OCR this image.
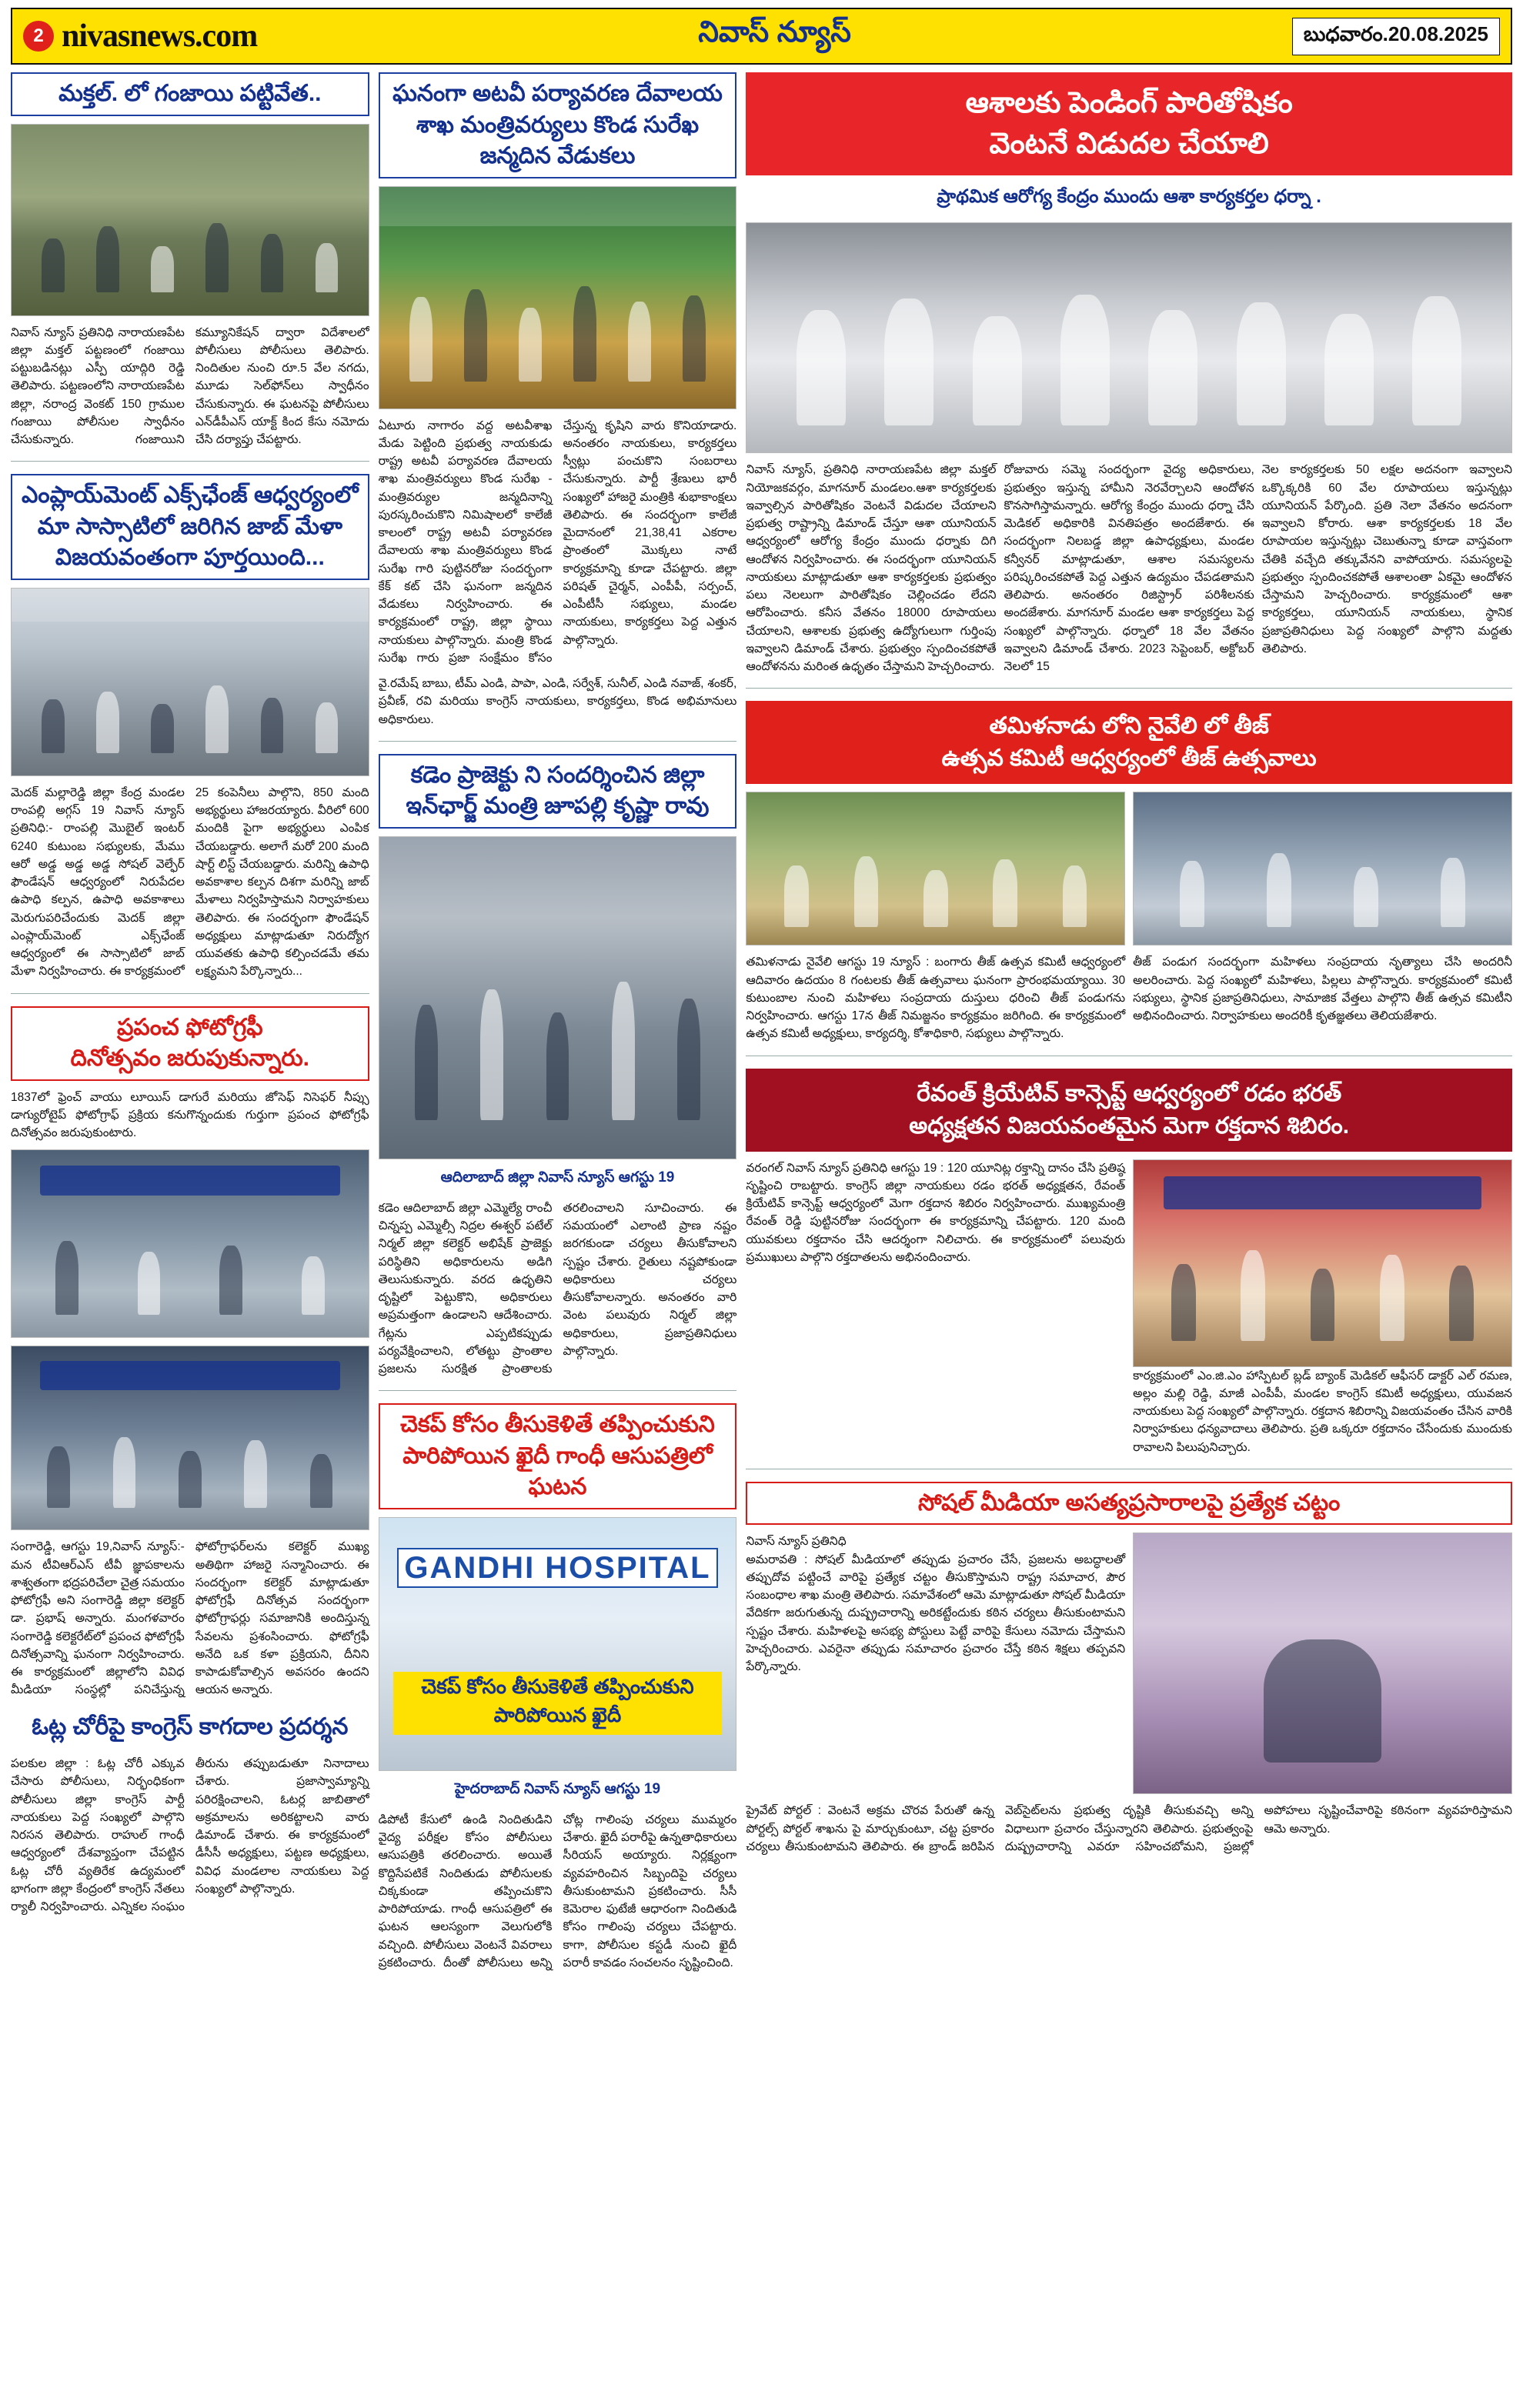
2 nivasnews.com	నివాస్ న్యూస్	బుధవారం.20.08.2025
మక్తల్. లో గంజాయి పట్టివేత..
నివాస్ న్యూస్ ప్రతినిధి నారాయణపేట జిల్లా మక్తల్ పట్టణంలో గంజాయి పట్టుబడినట్లు ఎస్పీ యాద్గిరి రెడ్డి తెలిపారు. పట్టణంలోని నారాయణపేట జిల్లా, నరాంద్ర వెంకట్ 150 గ్రాముల గంజాయి పోలీసుల స్వాధీనం చేసుకున్నారు. గంజాయిని కమ్యూనికేషన్ ద్వారా విదేశాలలో పోలీసులు పోలీసులు తెలిపారు. నిందితుల నుంచి రూ.5 వేల నగదు, మూడు సెల్‌ఫోన్‌లు స్వాధీనం చేసుకున్నారు. ఈ ఘటనపై పోలీసులు ఎన్‌డీపీఎస్ యాక్ట్ కింద కేసు నమోదు చేసి దర్యాప్తు చేపట్టారు.
ఎంప్లాయ్‌మెంట్ ఎక్స్‌ఛేంజ్ ఆధ్వర్యంలో మా సాస్సాటిలో జరిగిన జాబ్ మేళా విజయవంతంగా పూర్తయింది...
మెదక్ మల్లారెడ్డి జిల్లా కేంద్ర మండల రాంపల్లి అగ్గస్ 19 నివాస్ న్యూస్ ప్రతినిధి:- రాంపల్లి మొబైల్ ఇంటర్ 6240 కుటుంబ సభ్యులకు, మేము ఆరో అడ్డ అడ్డ అడ్డ సోషల్ వెల్ఫేర్ ఫౌండేషన్ ఆధ్వర్యంలో నిరుపేదల ఉపాధి కల్పన, ఉపాధి అవకాశాలు మెరుగుపరిచేందుకు మెదక్ జిల్లా ఎంప్లాయ్‌మెంట్ ఎక్స్‌ఛేంజ్ ఆధ్వర్యంలో ఈ సాస్సాటిలో జాబ్ మేళా నిర్వహించారు. ఈ కార్యక్రమంలో 25 కంపెనీలు పాల్గొని, 850 మంది అభ్యర్థులు హాజరయ్యారు. వీరిలో 600 మందికి పైగా అభ్యర్థులు ఎంపిక చేయబడ్డారు. అలాగే మరో 200 మంది షార్ట్ లిస్ట్ చేయబడ్డారు. మరిన్ని ఉపాధి అవకాశాల కల్పన దిశగా మరిన్ని జాబ్ మేళాలు నిర్వహిస్తామని నిర్వాహకులు తెలిపారు. ఈ సందర్భంగా ఫౌండేషన్ అధ్యక్షులు మాట్లాడుతూ నిరుద్యోగ యువతకు ఉపాధి కల్పించడమే తమ లక్ష్యమని పేర్కొన్నారు...
ప్రపంచ ఫోటోగ్రఫీ
దినోత్సవం జరుపుకున్నారు.
1837లో ఫ్రెంచ్ వాయు లూయిస్ డాగురే మరియు జోసెఫ్ నిసెఫర్ నీప్సు డాగ్యురోటైప్ ఫోటోగ్రాఫ్ ప్రక్రియ కనుగొన్నందుకు గుర్తుగా ప్రపంచ ఫోటోగ్రఫీ దినోత్సవం జరుపుకుంటారు.
సంగారెడ్డి, ఆగస్టు 19,నివాస్ న్యూస్:-మన టీవిఆర్‌ఎస్ టీవీ జ్ఞాపకాలను శాశ్వతంగా భద్రపరిచేలా చైత్ర సమయం ఫోటోగ్రఫీ అని సంగారెడ్డి జిల్లా కలెక్టర్ డా. ప్రభాష్ అన్నారు. మంగళవారం సంగారెడ్డి కలెక్టరేట్‌లో ప్రపంచ ఫోటోగ్రఫీ దినోత్సవాన్ని ఘనంగా నిర్వహించారు. ఈ కార్యక్రమంలో జిల్లాలోని వివిధ మీడియా సంస్థల్లో పనిచేస్తున్న ఫోటోగ్రాఫర్‌లను కలెక్టర్ ముఖ్య అతిథిగా హాజరై సన్మానించారు. ఈ సందర్భంగా కలెక్టర్ మాట్లాడుతూ ఫోటోగ్రఫీ దినోత్సవ సందర్భంగా ఫోటోగ్రాఫర్లు సమాజానికి అందిస్తున్న సేవలను ప్రశంసించారు. ఫోటోగ్రఫీ అనేది ఒక కళా ప్రక్రియని, దీనిని కాపాడుకోవాల్సిన అవసరం ఉందని ఆయన అన్నారు.
ఓట్ల చోరీపై కాంగ్రెస్ కాగదాల ప్రదర్శన
పలకుల జిల్లా : ఓట్ల చోరీ ఎక్కువ చేసారు పోలీసులు, నిర్భంధికంగా పోలీసులు జిల్లా కాంగ్రెస్ పార్టీ నాయకులు పెద్ద సంఖ్యలో పాల్గొని నిరసన తెలిపారు. రాహుల్ గాంధీ ఆధ్వర్యంలో దేశవ్యాప్తంగా చేపట్టిన ఓట్ల చోరీ వ్యతిరేక ఉద్యమంలో భాగంగా జిల్లా కేంద్రంలో కాంగ్రెస్ నేతలు ర్యాలీ నిర్వహించారు. ఎన్నికల సంఘం తీరును తప్పుబడుతూ నినాదాలు చేశారు. ప్రజాస్వామ్యాన్ని పరిరక్షించాలని, ఓటర్ల జాబితాలో అక్రమాలను అరికట్టాలని వారు డిమాండ్ చేశారు. ఈ కార్యక్రమంలో డీసీసీ అధ్యక్షులు, పట్టణ అధ్యక్షులు, వివిధ మండలాల నాయకులు పెద్ద సంఖ్యలో పాల్గొన్నారు.
ఘనంగా అటవీ పర్యావరణ దేవాలయ శాఖ మంత్రివర్యులు కొండ సురేఖ జన్మదిన వేడుకలు
ఏటూరు నాగారం వద్ద అటవీశాఖ మేడు పెట్టింది ప్రభుత్వ నాయకుడు రాష్ట్ర అటవీ పర్యావరణ దేవాలయ శాఖ మంత్రివర్యులు కొండ సురేఖ - మంత్రివర్యుల జన్మదినాన్ని పురస్కరించుకొని నిమిషాలలో కాలేజీ కాలంలో రాష్ట్ర అటవీ పర్యావరణ దేవాలయ శాఖ మంత్రివర్యులు కొండ సురేఖ గారి పుట్టినరోజు సందర్భంగా కేక్ కట్ చేసి ఘనంగా జన్మదిన వేడుకలు నిర్వహించారు. ఈ కార్యక్రమంలో రాష్ట్ర, జిల్లా స్థాయి నాయకులు పాల్గొన్నారు. మంత్రి కొండ సురేఖ గారు ప్రజా సంక్షేమం కోసం చేస్తున్న కృషిని వారు కొనియాడారు. అనంతరం నాయకులు, కార్యకర్తలు స్వీట్లు పంచుకొని సంబరాలు చేసుకున్నారు. పార్టీ శ్రేణులు భారీ సంఖ్యలో హాజరై మంత్రికి శుభాకాంక్షలు తెలిపారు. ఈ సందర్భంగా కాలేజీ మైదానంలో 21,38,41 ఎకరాల ప్రాంతంలో మొక్కలు నాటే కార్యక్రమాన్ని కూడా చేపట్టారు. జిల్లా పరిషత్ చైర్మన్, ఎంపీపీ, సర్పంచ్, ఎంపీటీసీ సభ్యులు, మండల నాయకులు, కార్యకర్తలు పెద్ద ఎత్తున పాల్గొన్నారు.
వై.రమేష్ బాబు, టీమ్ ఎండి, పాపా, ఎండి, సర్వేశ్, సునీల్, ఎండి నవాజ్, శంకర్, ప్రవీణ్, రవి మరియు కాంగ్రెస్ నాయకులు, కార్యకర్తలు, కొండ అభిమానులు అధికారులు.
కడెం ప్రాజెక్టు ని సందర్శించిన జిల్లా ఇన్‌ఛార్జ్ మంత్రి జూపల్లి కృష్ణా రావు
ఆదిలాబాద్ జిల్లా నివాస్ న్యూస్ ఆగస్టు 19
కడెం ఆదిలాబాద్ జిల్లా ఎమ్మెల్యే రాంచీ చిన్నప్ప ఎమ్మెల్సీ నిద్రల ఈశ్వర్ పటేల్ నిర్మల్ జిల్లా కలెక్టర్ అభిషేక్ ప్రాజెక్టు పరిస్థితిని అధికారులను అడిగి తెలుసుకున్నారు. వరద ఉధృతిని దృష్టిలో పెట్టుకొని, అధికారులు అప్రమత్తంగా ఉండాలని ఆదేశించారు. గేట్లను ఎప్పటికప్పుడు పర్యవేక్షించాలని, లోతట్టు ప్రాంతాల ప్రజలను సురక్షిత ప్రాంతాలకు తరలించాలని సూచించారు. ఈ సమయంలో ఎలాంటి ప్రాణ నష్టం జరగకుండా చర్యలు తీసుకోవాలని స్పష్టం చేశారు. రైతులు నష్టపోకుండా అధికారులు చర్యలు తీసుకోవాలన్నారు. అనంతరం వారి వెంట పలువురు నిర్మల్ జిల్లా అధికారులు, ప్రజాప్రతినిధులు పాల్గొన్నారు.
చెకప్ కోసం తీసుకెళితే తప్పించుకుని పారిపోయిన ఖైదీ గాంధీ ఆసుపత్రిలో ఘటన
GANDHI HOSPITAL
చెకప్ కోసం తీసుకెళితే తప్పించుకుని పారిపోయిన ఖైదీ
హైదరాబాద్ నివాస్ న్యూస్ ఆగస్టు 19
డిపోటీ కేసులో ఉండి నిందితుడిని వైద్య పరీక్షల కోసం పోలీసులు ఆసుపత్రికి తరలించారు. అయితే కొద్దిసేపటికే నిందితుడు పోలీసులకు చిక్కకుండా తప్పించుకొని పారిపోయాడు. గాంధీ ఆసుపత్రిలో ఈ ఘటన ఆలస్యంగా వెలుగులోకి వచ్చింది. పోలీసులు వెంటనే వివరాలు ప్రకటించారు. దీంతో పోలీసులు అన్ని చోట్ల గాలింపు చర్యలు ముమ్మరం చేశారు. ఖైదీ పరారీపై ఉన్నతాధికారులు సీరియస్ అయ్యారు. నిర్లక్ష్యంగా వ్యవహరించిన సిబ్బందిపై చర్యలు తీసుకుంటామని ప్రకటించారు. సీసీ కెమెరాల ఫుటేజీ ఆధారంగా నిందితుడి కోసం గాలింపు చర్యలు చేపట్టారు. కాగా, పోలీసుల కస్టడీ నుంచి ఖైదీ పరారీ కావడం సంచలనం సృష్టించింది.
ఆశాలకు పెండింగ్ పారితోషికం
వెంటనే విడుదల చేయాలి
ప్రాథమిక ఆరోగ్య కేంద్రం ముందు ఆశా కార్యకర్తల ధర్నా .
నివాస్ న్యూస్, ప్రతినిధి నారాయణపేట జిల్లా మక్తల్ నియోజకవర్గం, మాగనూర్ మండలం.ఆశా కార్యకర్తలకు ఇవ్వాల్సిన పారితోషికం వెంటనే విడుదల చేయాలని ప్రభుత్వ రాష్ట్రాన్ని డిమాండ్ చేస్తూ ఆశా యూనియన్ ఆధ్వర్యంలో ఆరోగ్య కేంద్రం ముందు ధర్నాకు దిగి ఆందోళన నిర్వహించారు. ఈ సందర్భంగా యూనియన్ నాయకులు మాట్లాడుతూ ఆశా కార్యకర్తలకు ప్రభుత్వం పలు నెలలుగా పారితోషికం చెల్లించడం లేదని ఆరోపించారు. కనీస వేతనం 18000 రూపాయలు చేయాలని, ఆశాలకు ప్రభుత్వ ఉద్యోగులుగా గుర్తింపు ఇవ్వాలని డిమాండ్ చేశారు. ప్రభుత్వం స్పందించకపోతే ఆందోళనను మరింత ఉధృతం చేస్తామని హెచ్చరించారు.
రోజువారు సమ్మె సందర్భంగా వైద్య అధికారులు, ప్రభుత్వం ఇస్తున్న హామీని నెరవేర్చాలని ఆందోళన కొనసాగిస్తామన్నారు. ఆరోగ్య కేంద్రం ముందు ధర్నా చేసి మెడికల్ అధికారికి వినతిపత్రం అందజేశారు. ఈ సందర్భంగా నిలబడ్డ జిల్లా ఉపాధ్యక్షులు, మండల కన్వీనర్ మాట్లాడుతూ, ఆశాల సమస్యలను పరిష్కరించకపోతే పెద్ద ఎత్తున ఉద్యమం చేపడతామని తెలిపారు. అనంతరం రిజిస్ట్రార్ పరిశీలనకు అందజేశారు. మాగనూర్ మండల ఆశా కార్యకర్తలు పెద్ద సంఖ్యలో పాల్గొన్నారు. ధర్నాలో 18 వేల వేతనం ఇవ్వాలని డిమాండ్ చేశారు. 2023 సెప్టెంబర్, అక్టోబర్ నెలలో 15
నెల కార్యకర్తలకు 50 లక్షల అదనంగా ఇవ్వాలని ఒక్కొక్కరికి 60 వేల రూపాయలు ఇస్తున్నట్లు యూనియన్ పేర్కొంది. ప్రతి నెలా వేతనం అదనంగా ఇవ్వాలని కోరారు. ఆశా కార్యకర్తలకు 18 వేల రూపాయల ఇస్తున్నట్లు చెబుతున్నా కూడా వాస్తవంగా చేతికి వచ్చేది తక్కువేనని వాపోయారు. సమస్యలపై ప్రభుత్వం స్పందించకపోతే ఆశాలంతా ఏకమై ఆందోళన చేస్తామని హెచ్చరించారు. కార్యక్రమంలో ఆశా కార్యకర్తలు, యూనియన్ నాయకులు, స్థానిక ప్రజాప్రతినిధులు పెద్ద సంఖ్యలో పాల్గొని మద్దతు తెలిపారు.
తమిళనాడు లోని నైవేలి లో తీజ్
ఉత్సవ కమిటీ ఆధ్వర్యంలో తీజ్ ఉత్సవాలు
తమిళనాడు నైవేలి ఆగస్టు 19 న్యూస్ : బంగారు తీజ్ ఉత్సవ కమిటీ ఆధ్వర్యంలో ఆదివారం ఉదయం 8 గంటలకు తీజ్ ఉత్సవాలు ఘనంగా ప్రారంభమయ్యాయి. 30 కుటుంబాల నుంచి మహిళలు సంప్రదాయ దుస్తులు ధరించి తీజ్ పండుగను నిర్వహించారు. ఆగస్టు 17న తీజ్ నిమజ్జనం కార్యక్రమం జరిగింది. ఈ కార్యక్రమంలో ఉత్సవ కమిటీ అధ్యక్షులు, కార్యదర్శి, కోశాధికారి, సభ్యులు పాల్గొన్నారు.
తీజ్ పండుగ సందర్భంగా మహిళలు సంప్రదాయ నృత్యాలు చేసి అందరినీ అలరించారు. పెద్ద సంఖ్యలో మహిళలు, పిల్లలు పాల్గొన్నారు. కార్యక్రమంలో కమిటీ సభ్యులు, స్థానిక ప్రజాప్రతినిధులు, సామాజిక వేత్తలు పాల్గొని తీజ్ ఉత్సవ కమిటీని అభినందించారు. నిర్వాహకులు అందరికీ కృతజ్ఞతలు తెలియజేశారు.
రేవంత్ క్రియేటివ్ కాన్సెప్ట్ ఆధ్వర్యంలో రడం భరత్
అధ్యక్షతన విజయవంతమైన మెగా రక్తదాన శిబిరం.
వరంగల్ నివాస్ న్యూస్ ప్రతినిధి ఆగస్టు 19 : 120 యూనిట్ల రక్తాన్ని దానం చేసి ప్రతిష్ఠ సృష్టించి రాబట్టారు. కాంగ్రెస్ జిల్లా నాయకులు రడం భరత్ అధ్యక్షతన, రేవంత్ క్రియేటివ్ కాన్సెప్ట్ ఆధ్వర్యంలో మెగా రక్తదాన శిబిరం నిర్వహించారు. ముఖ్యమంత్రి రేవంత్ రెడ్డి పుట్టినరోజు సందర్భంగా ఈ కార్యక్రమాన్ని చేపట్టారు. 120 మంది యువకులు రక్తదానం చేసి ఆదర్శంగా నిలిచారు. ఈ కార్యక్రమంలో పలువురు ప్రముఖులు పాల్గొని రక్తదాతలను అభినందించారు.
కార్యక్రమంలో ఎం.జి.ఎం హాస్పిటల్ బ్లడ్ బ్యాంక్ మెడికల్ ఆఫీసర్ డాక్టర్ ఎల్ రమణ, అల్లం మల్లి రెడ్డి, మాజీ ఎంపీపీ, మండల కాంగ్రెస్ కమిటీ అధ్యక్షులు, యువజన నాయకులు పెద్ద సంఖ్యలో పాల్గొన్నారు. రక్తదాన శిబిరాన్ని విజయవంతం చేసిన వారికి నిర్వాహకులు ధన్యవాదాలు తెలిపారు. ప్రతి ఒక్కరూ రక్తదానం చేసేందుకు ముందుకు రావాలని పిలుపునిచ్చారు.
సోషల్ మీడియా అసత్యప్రసారాలపై ప్రత్యేక చట్టం
నివాస్ న్యూస్ ప్రతినిధి
అమరావతి : సోషల్ మీడియాలో తప్పుడు ప్రచారం చేసే, ప్రజలను అబద్ధాలతో తప్పుదోవ పట్టించే వారిపై ప్రత్యేక చట్టం తీసుకొస్తామని రాష్ట్ర సమాచార, పౌర సంబంధాల శాఖ మంత్రి తెలిపారు. సమావేశంలో ఆమె మాట్లాడుతూ సోషల్ మీడియా వేదికగా జరుగుతున్న దుష్ప్రచారాన్ని అరికట్టేందుకు కఠిన చర్యలు తీసుకుంటామని స్పష్టం చేశారు. మహిళలపై అసభ్య పోస్టులు పెట్టే వారిపై కేసులు నమోదు చేస్తామని హెచ్చరించారు. ఎవరైనా తప్పుడు సమాచారం ప్రచారం చేస్తే కఠిన శిక్షలు తప్పవని పేర్కొన్నారు.
ప్రైవేట్ పోర్టల్ : వెంటనే అక్రమ చొరవ పేరుతో ఉన్న పోర్టల్స్ పోర్టల్ శాఖను పై మార్చుకుంటూ, చట్ట ప్రకారం చర్యలు తీసుకుంటామని తెలిపారు. ఈ బ్రాండ్ జరిపిన వెబ్‌సైట్‌లను ప్రభుత్వ దృష్టికి తీసుకువచ్చి అన్ని విధాలుగా ప్రచారం చేస్తున్నారని తెలిపారు. ప్రభుత్వంపై దుష్ప్రచారాన్ని ఎవరూ సహించబోమని, ప్రజల్లో అపోహలు సృష్టించేవారిపై కఠినంగా వ్యవహరిస్తామని ఆమె అన్నారు.
